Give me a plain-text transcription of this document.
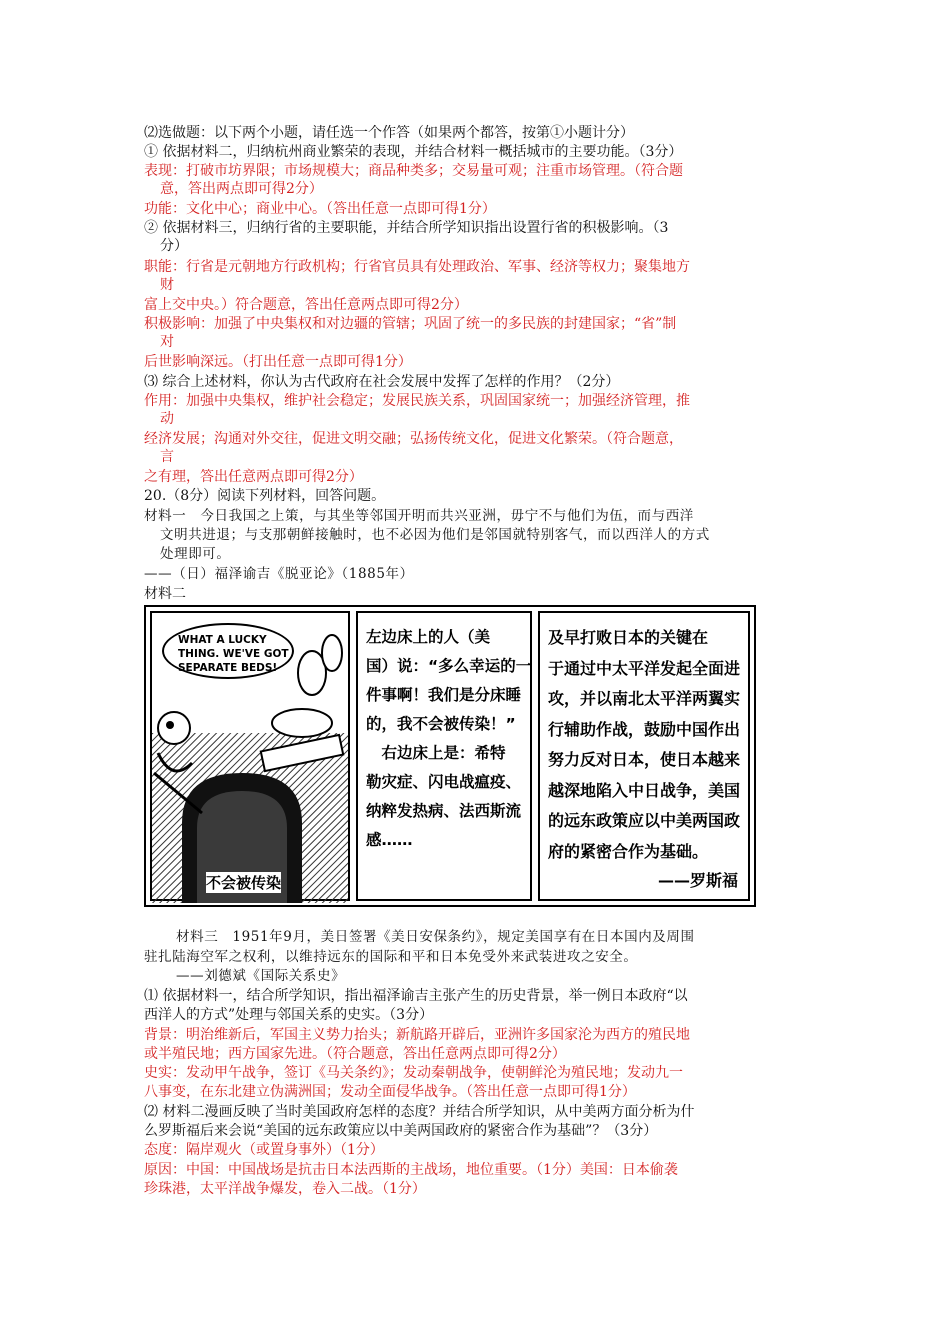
⑵选做题：以下两个小题，请任选一个作答（如果两个都答，按第①小题计分）
① 依据材料二，归纳杭州商业繁荣的表现，并结合材料一概括城市的主要功能。（3分）
表现：打破市坊界限；市场规模大；商品种类多；交易量可观；注重市场管理。（符合题
意，答出两点即可得2分）
功能：文化中心；商业中心。（答出任意一点即可得1分）
② 依据材料三，归纳行省的主要职能，并结合所学知识指出设置行省的积极影响。（3
分）
职能：行省是元朝地方行政机构；行省官员具有处理政治、军事、经济等权力；聚集地方
财
富上交中央。）符合题意，答出任意两点即可得2分）
积极影响：加强了中央集权和对边疆的管辖；巩固了统一的多民族的封建国家；“省”制
对
后世影响深远。（打出任意一点即可得1分）
⑶ 综合上述材料，你认为古代政府在社会发展中发挥了怎样的作用？（2分）
作用：加强中央集权，维护社会稳定；发展民族关系，巩固国家统一；加强经济管理，推
动
经济发展；沟通对外交往，促进文明交融；弘扬传统文化，促进文化繁荣。（符合题意，
言
之有理，答出任意两点即可得2分）
20.（8分）阅读下列材料，回答问题。
材料一　今日我国之上策，与其坐等邻国开明而共兴亚洲，毋宁不与他们为伍，而与西洋
文明共进退；与支那朝鲜接触时，也不必因为他们是邻国就特别客气，而以西洋人的方式
处理即可。
——（日）福泽谕吉《脱亚论》（1885年）
材料二
WHAT A LUCKY
THING. WE'VE GOT
SEPARATE BEDS!
不会被传染
左边床上的人（美
国）说：“多么幸运的一
件事啊！我们是分床睡
的，我不会被传染！”
　右边床上是：希特
勒灾症、闪电战瘟疫、
纳粹发热病、法西斯流
感……
及早打败日本的关键在
于通过中太平洋发起全面进
攻，并以南北太平洋两翼实
行辅助作战，鼓励中国作出
努力反对日本，使日本越来
越深地陷入中日战争，美国
的远东政策应以中美两国政
府的紧密合作为基础。
——罗斯福
材料三　1951年9月，美日签署《美日安保条约》，规定美国享有在日本国内及周围
驻扎陆海空军之权利，以维持远东的国际和平和日本免受外来武装进攻之安全。
——刘德斌《国际关系史》
⑴ 依据材料一，结合所学知识，指出福泽谕吉主张产生的历史背景，举一例日本政府“以
西洋人的方式”处理与邻国关系的史实。（3分）
背景：明治维新后，军国主义势力抬头；新航路开辟后，亚洲许多国家沦为西方的殖民地
或半殖民地；西方国家先进。（符合题意，答出任意两点即可得2分）
史实：发动甲午战争，签订《马关条约》；发动秦朝战争，使朝鲜沦为殖民地；发动九一
八事变，在东北建立伪满洲国；发动全面侵华战争。（答出任意一点即可得1分）
⑵ 材料二漫画反映了当时美国政府怎样的态度？并结合所学知识，从中美两方面分析为什
么罗斯福后来会说“美国的远东政策应以中美两国政府的紧密合作为基础”？（3分）
态度：隔岸观火（或置身事外）（1分）
原因：中国：中国战场是抗击日本法西斯的主战场，地位重要。（1分）美国：日本偷袭
珍珠港，太平洋战争爆发，卷入二战。（1分）
